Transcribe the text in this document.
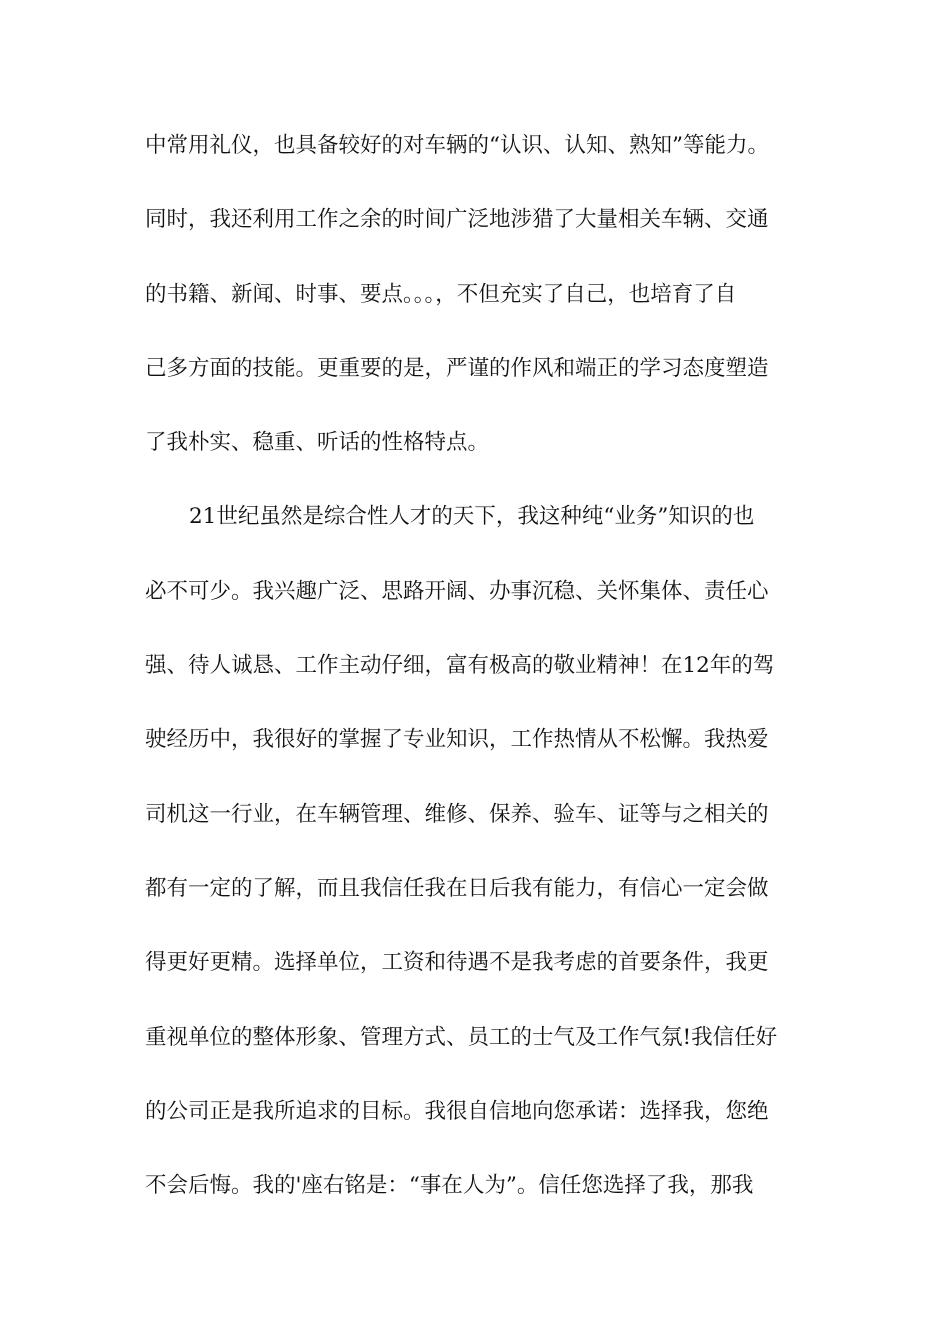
中常用礼仪，也具备较好的对车辆的“认识、认知、熟知”等能力。
同时，我还利用工作之余的时间广泛地涉猎了大量相关车辆、交通
的书籍、新闻、时事、要点。。。，不但充实了自己，也培育了自
己多方面的技能。更重要的是，严谨的作风和端正的学习态度塑造
了我朴实、稳重、听话的性格特点。
21世纪虽然是综合性人才的天下，我这种纯“业务”知识的也
必不可少。我兴趣广泛、思路开阔、办事沉稳、关怀集体、责任心
强、待人诚恳、工作主动仔细，富有极高的敬业精神！在12年的驾
驶经历中，我很好的掌握了专业知识，工作热情从不松懈。我热爱
司机这一行业，在车辆管理、维修、保养、验车、证等与之相关的
都有一定的了解，而且我信任我在日后我有能力，有信心一定会做
得更好更精。选择单位，工资和待遇不是我考虑的首要条件，我更
重视单位的整体形象、管理方式、员工的士气及工作气氛!我信任好
的公司正是我所追求的目标。我很自信地向您承诺：选择我，您绝
不会后悔。我的'座右铭是：“事在人为”。信任您选择了我，那我
